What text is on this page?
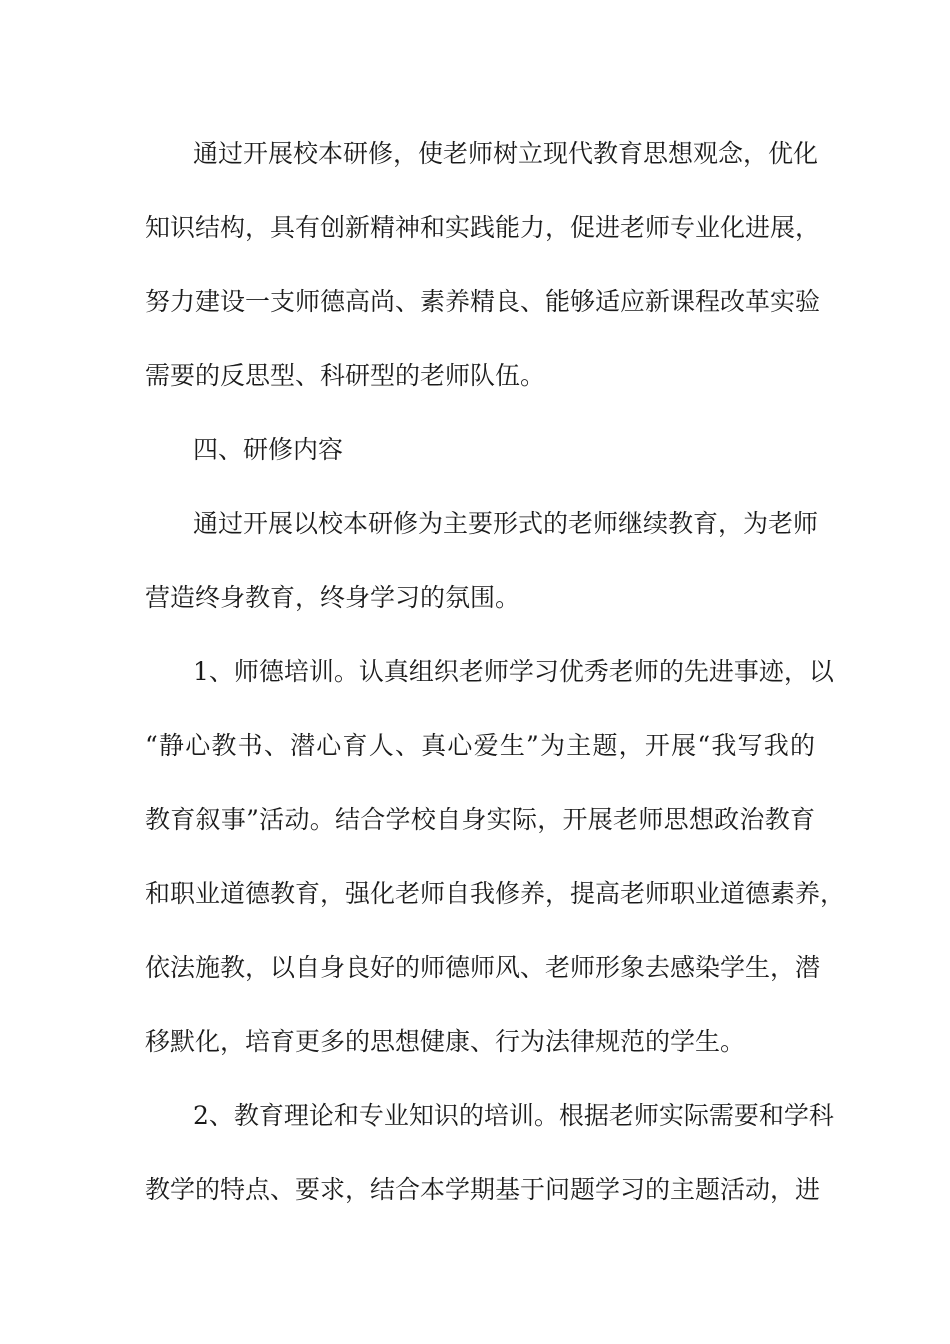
通过开展校本研修，使老师树立现代教育思想观念，优化
知识结构，具有创新精神和实践能力，促进老师专业化进展，
努力建设一支师德高尚、素养精良、能够适应新课程改革实验
需要的反思型、科研型的老师队伍。
四、研修内容
通过开展以校本研修为主要形式的老师继续教育，为老师
营造终身教育，终身学习的氛围。
1、师德培训。认真组织老师学习优秀老师的先进事迹，以
“静心教书、潜心育人、真心爱生”为主题，开展“我写我的
教育叙事”活动。结合学校自身实际，开展老师思想政治教育
和职业道德教育，强化老师自我修养，提高老师职业道德素养，
依法施教，以自身良好的师德师风、老师形象去感染学生，潜
移默化，培育更多的思想健康、行为法律规范的学生。
2、教育理论和专业知识的培训。根据老师实际需要和学科
教学的特点、要求，结合本学期基于问题学习的主题活动，进
